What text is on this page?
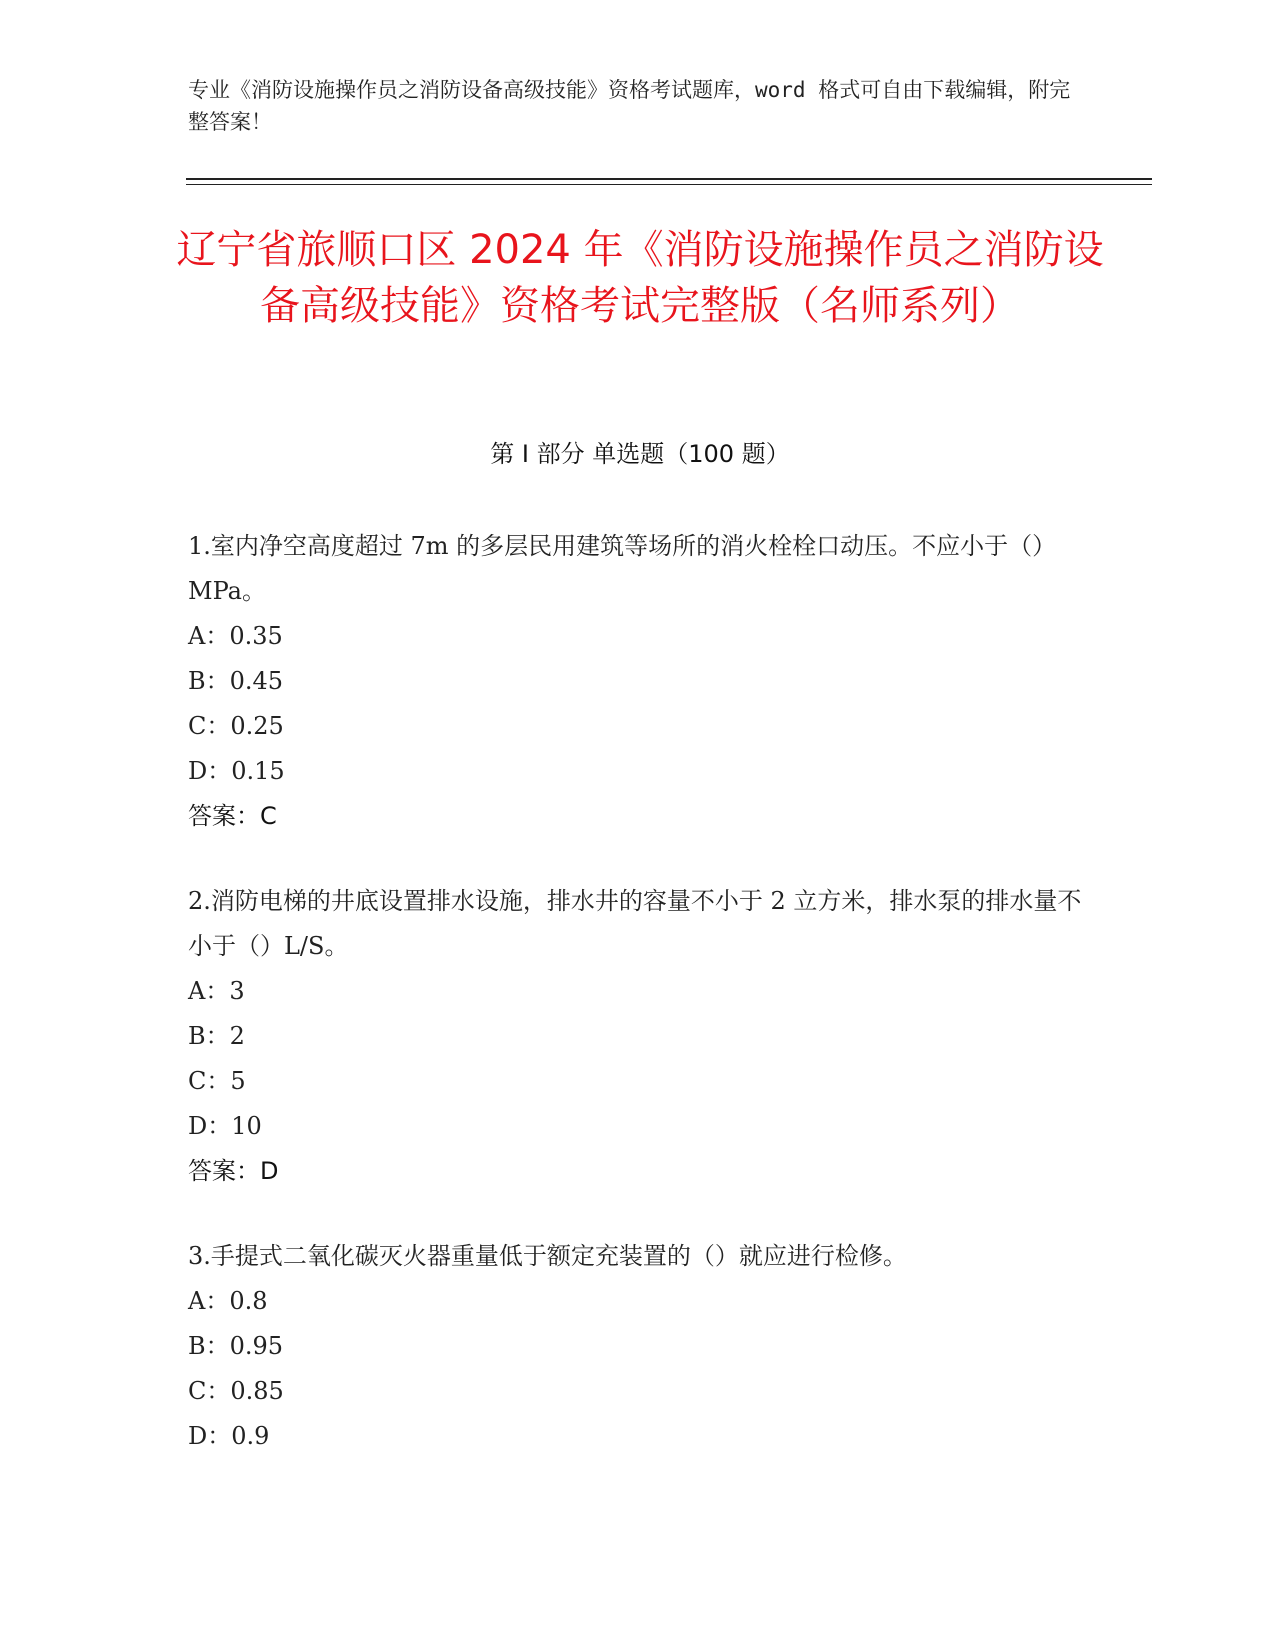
专业《消防设施操作员之消防设备高级技能》资格考试题库，word 格式可自由下载编辑，附完整答案！
辽宁省旅顺口区 2024 年《消防设施操作员之消防设备高级技能》资格考试完整版（名师系列）
第 I 部分 单选题（100 题）
1.室内净空高度超过 7m 的多层民用建筑等场所的消火栓栓口动压。不应小于（）MPa。
A：0.35
B：0.45
C：0.25
D：0.15
答案：C
2.消防电梯的井底设置排水设施，排水井的容量不小于 2 立方米，排水泵的排水量不小于（）L/S。
A：3
B：2
C：5
D：10
答案：D
3.手提式二氧化碳灭火器重量低于额定充装置的（）就应进行检修。
A：0.8
B：0.95
C：0.85
D：0.9
